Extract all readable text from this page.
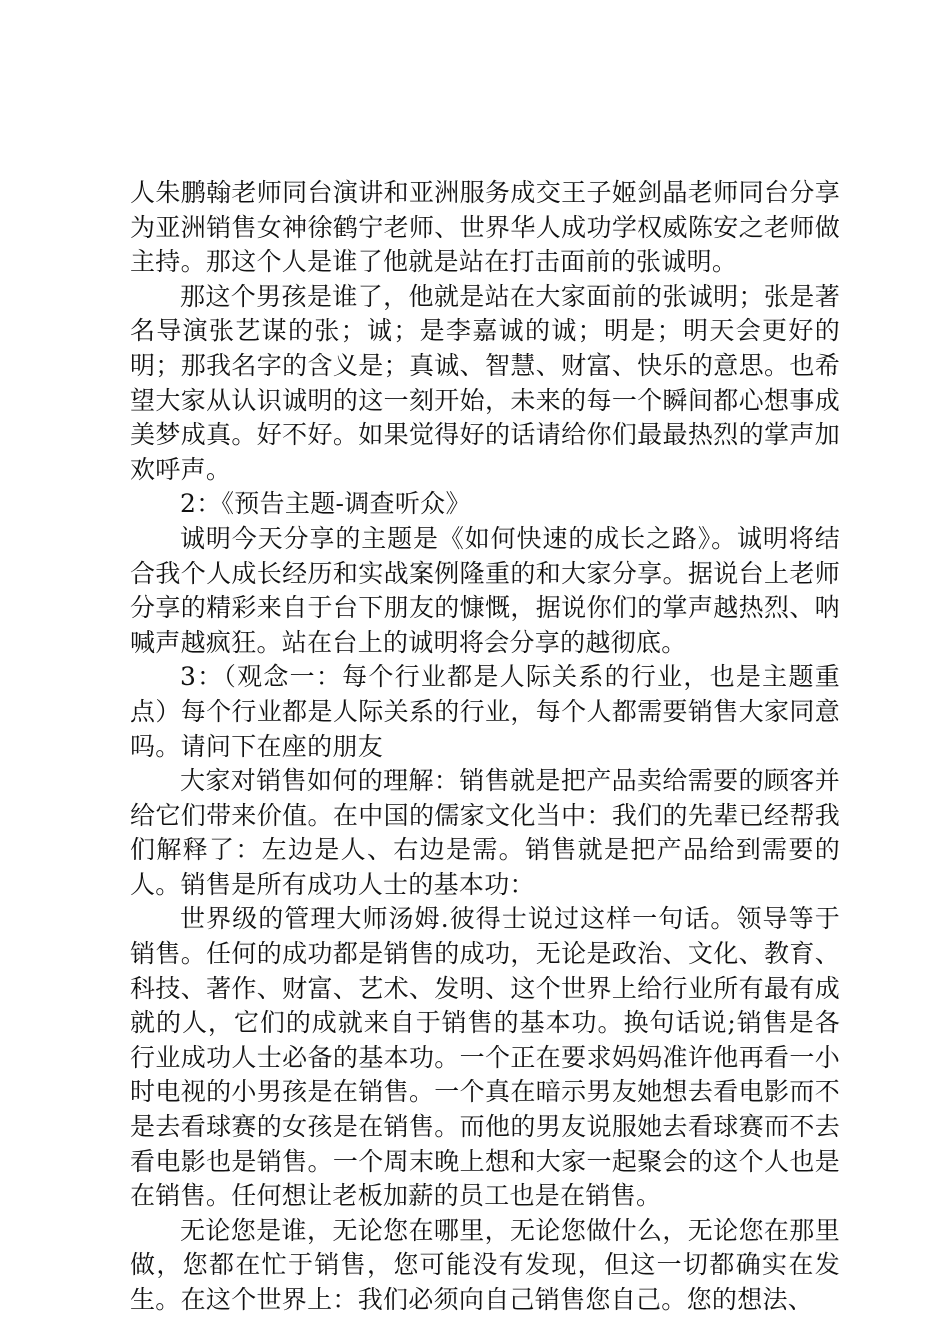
人朱鹏翰老师同台演讲和亚洲服务成交王子姬剑晶老师同台分享为亚洲销售女神徐鹤宁老师、世界华人成功学权威陈安之老师做主持。那这个人是谁了他就是站在打击面前的张诚明。

那这个男孩是谁了，他就是站在大家面前的张诚明；张是著名导演张艺谋的张；诚；是李嘉诚的诚；明是；明天会更好的明；那我名字的含义是；真诚、智慧、财富、快乐的意思。也希望大家从认识诚明的这一刻开始，未来的每一个瞬间都心想事成美梦成真。好不好。如果觉得好的话请给你们最最热烈的掌声加欢呼声。

2：《预告主题-调查听众》

诚明今天分享的主题是《如何快速的成长之路》。诚明将结合我个人成长经历和实战案例隆重的和大家分享。据说台上老师分享的精彩来自于台下朋友的慷慨，据说你们的掌声越热烈、呐喊声越疯狂。站在台上的诚明将会分享的越彻底。

3：（观念一：每个行业都是人际关系的行业，也是主题重点）每个行业都是人际关系的行业，每个人都需要销售大家同意吗。请问下在座的朋友

大家对销售如何的理解：销售就是把产品卖给需要的顾客并给它们带来价值。在中国的儒家文化当中：我们的先辈已经帮我们解释了：左边是人、右边是需。销售就是把产品给到需要的人。销售是所有成功人士的基本功：

世界级的管理大师汤姆.彼得士说过这样一句话。领导等于销售。任何的成功都是销售的成功，无论是政治、文化、教育、科技、著作、财富、艺术、发明、这个世界上给行业所有最有成就的人，它们的成就来自于销售的基本功。换句话说;销售是各行业成功人士必备的基本功。一个正在要求妈妈准许他再看一小时电视的小男孩是在销售。一个真在暗示男友她想去看电影而不是去看球赛的女孩是在销售。而他的男友说服她去看球赛而不去看电影也是销售。一个周末晚上想和大家一起聚会的这个人也是在销售。任何想让老板加薪的员工也是在销售。

无论您是谁，无论您在哪里，无论您做什么，无论您在那里做，您都在忙于销售，您可能没有发现，但这一切都确实在发生。在这个世界上：我们必须向自己销售您自己。您的想法、
